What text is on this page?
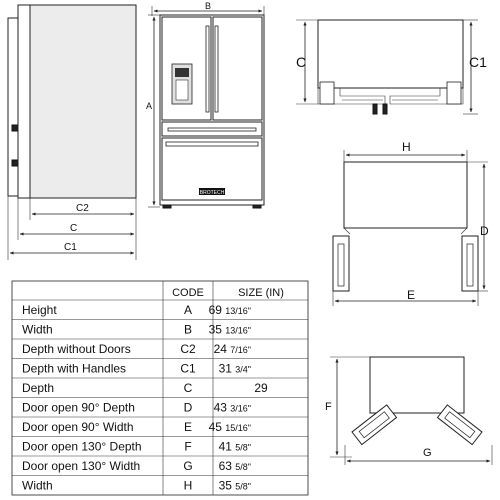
C2
C
C1
B
A
BROTECH
C	C1
H
D
E
F
G
CODE	SIZE (IN)
Height	A 69 13/16"
Width	B 35 13/16"
Depth without Doors	C2 24 7/16"
Depth with Handles	C1 31 3/4"
Depth	C	29
Door open 90° Depth	D 43 3/16"
Door open 90° Width	E 45 15/16"
Door open 130° Depth	F 41 5/8"
Door open 130° Width	G 63 5/8"
Width	H 35 5/8"
